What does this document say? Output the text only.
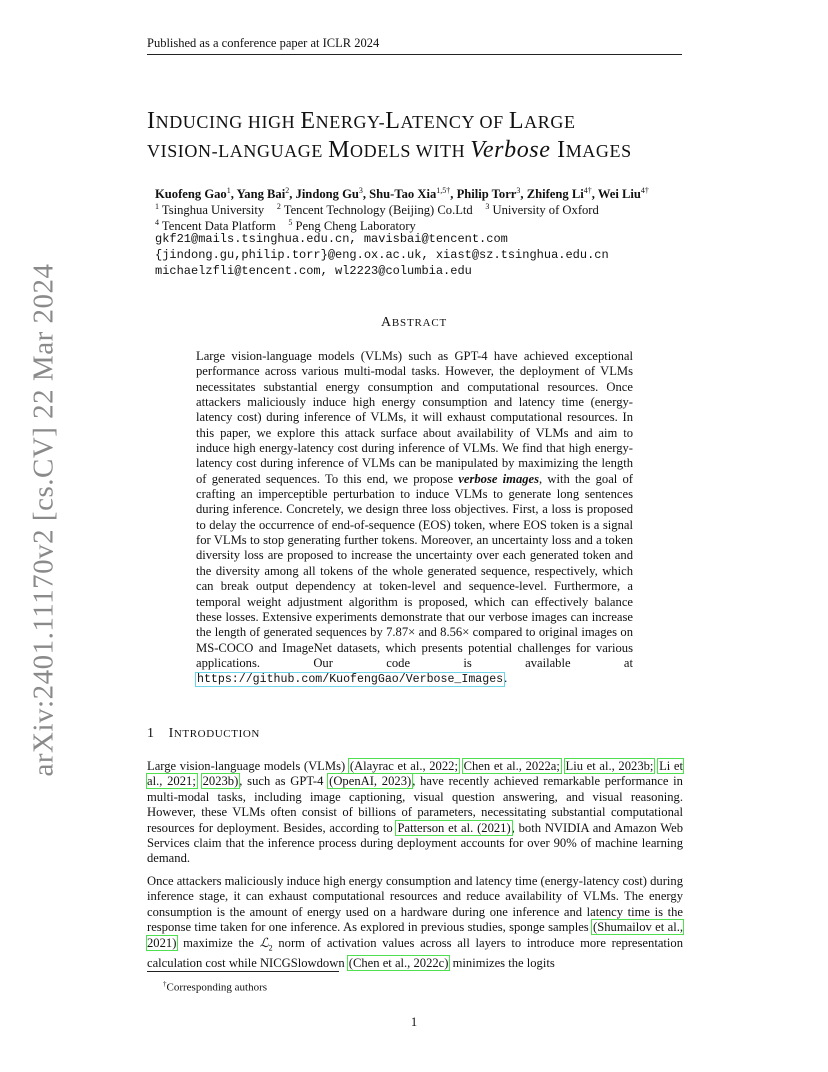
Published as a conference paper at ICLR 2024
arXiv:2401.11170v2 [cs.CV] 22 Mar 2024
INDUCING HIGH ENERGY-LATENCY OF LARGE
VISION-LANGUAGE MODELS WITH Verbose IMAGES
Kuofeng Gao$^1$, Yang Bai$^2$, Jindong Gu$^3$, Shu-Tao Xia$^{1,5\dagger}$, Philip Torr$^3$, Zhifeng $Li^{4\dagger}$, Wei Liu$^{4\dagger}$
$^1$ Tsinghua University $^2$ Tencent Technology (Beijing) Co.Ltd $^3$ University of Oxford
$^4$ Tencent Data Platform $^5$ Peng Cheng Laboratory
gkf21@mails.tsinghua.edu.cn, mavisbai@tencent.com
{jindong.gu,philip.torr}@eng.ox.ac.uk, xiast@sz.tsinghua.edu.cn
michaelzfli@tencent.com, wl2223@columbia.edu
ABSTRACT
Large vision-language models (VLMs) such as GPT-4 have achieved exceptional performance across various multi-modal tasks. However, the deployment of VLMs necessitates substantial energy consumption and computational resources. Once attackers maliciously induce high energy consumption and latency time (energy-latency cost) during inference of VLMs, it will exhaust computational resources. In this paper, we explore this attack surface about availability of VLMs and aim to induce high energy-latency cost during inference of VLMs. We find that high energy-latency cost during inference of VLMs can be manipulated by maximizing the length of generated sequences. To this end, we propose verbose images, with the goal of crafting an imperceptible perturbation to induce VLMs to generate long sentences during inference. Concretely, we design three loss objectives. First, a loss is proposed to delay the occurrence of end-of-sequence (EOS) token, where EOS token is a signal for VLMs to stop generating further tokens. Moreover, an uncertainty loss and a token diversity loss are proposed to increase the uncertainty over each generated token and the diversity among all tokens of the whole generated sequence, respectively, which can break output dependency at token-level and sequence-level. Furthermore, a temporal weight adjustment algorithm is proposed, which can effectively balance these losses. Extensive experiments demonstrate that our verbose images can increase the length of generated sequences by 7.87× and 8.56× compared to original images on MS-COCO and ImageNet datasets, which presents potential challenges for various applications. Our code is available at https://github.com/KuofengGao/Verbose_Images.
1 INTRODUCTION
Large vision-language models (VLMs) (Alayrac et al., 2022; Chen et al., 2022a; Liu et al., 2023b; Li et al., 2021; 2023b), such as GPT-4 (OpenAI, 2023), have recently achieved remarkable performance in multi-modal tasks, including image captioning, visual question answering, and visual reasoning. However, these VLMs often consist of billions of parameters, necessitating substantial computational resources for deployment. Besides, according to Patterson et al. (2021), both NVIDIA and Amazon Web Services claim that the inference process during deployment accounts for over 90% of machine learning demand.
Once attackers maliciously induce high energy consumption and latency time (energy-latency cost) during inference stage, it can exhaust computational resources and reduce availability of VLMs. The energy consumption is the amount of energy used on a hardware during one inference and latency time is the response time taken for one inference. As explored in previous studies, sponge samples (Shumailov et al., 2021) maximize the ℒ$_2$ norm of activation values across all layers to introduce more representation calculation cost while NICGSlowdown (Chen et al., 2022c) minimizes the logits
†Corresponding authors
1
